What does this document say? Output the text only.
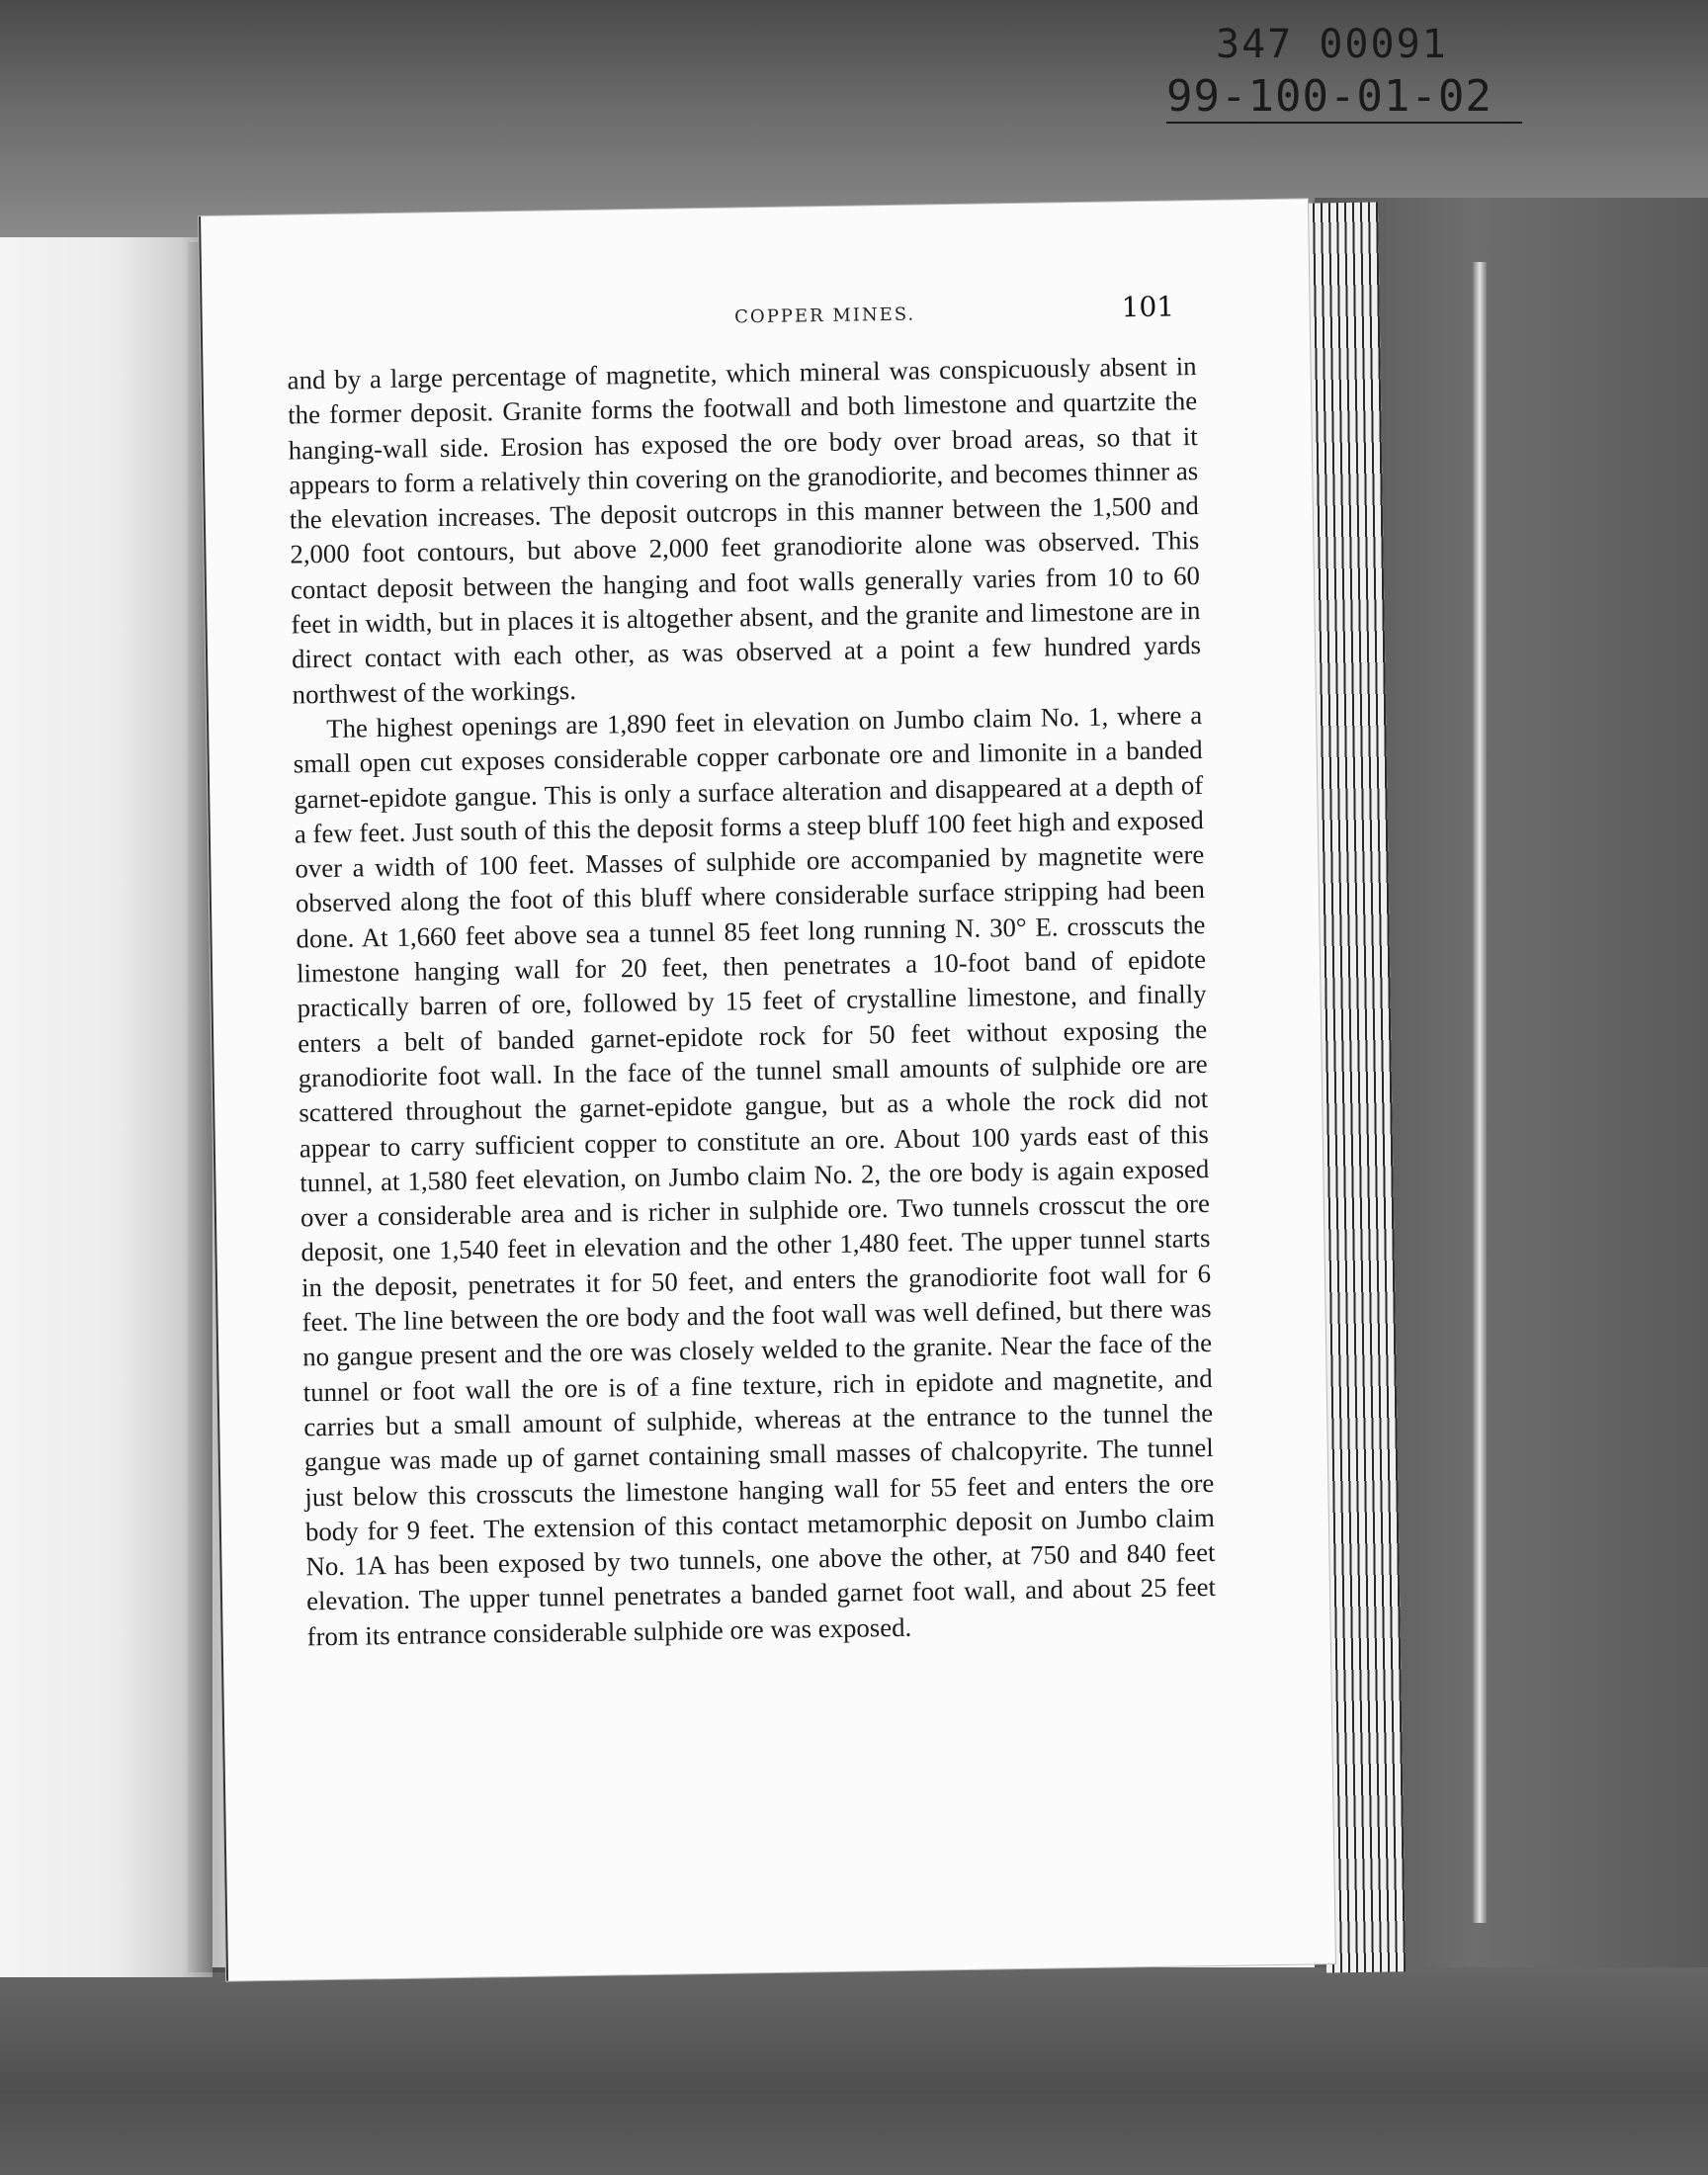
347 00091
99-100-01-02
COPPER MINES.	101

and by a large percentage of magnetite, which mineral was conspicuously absent in the former deposit. Granite forms the footwall and both limestone and quartzite the hanging-wall side. Erosion has exposed the ore body over broad areas, so that it appears to form a relatively thin covering on the granodiorite, and becomes thinner as the elevation increases. The deposit outcrops in this manner between the 1,500 and 2,000 foot contours, but above 2,000 feet granodiorite alone was observed. This contact deposit between the hanging and foot walls generally varies from 10 to 60 feet in width, but in places it is altogether absent, and the granite and limestone are in direct contact with each other, as was observed at a point a few hundred yards northwest of the workings.

The highest openings are 1,890 feet in elevation on Jumbo claim No. 1, where a small open cut exposes considerable copper carbonate ore and limonite in a banded garnet-epidote gangue. This is only a surface alteration and disappeared at a depth of a few feet. Just south of this the deposit forms a steep bluff 100 feet high and exposed over a width of 100 feet. Masses of sulphide ore accompanied by magnetite were observed along the foot of this bluff where considerable surface stripping had been done. At 1,660 feet above sea a tunnel 85 feet long running N. 30° E. crosscuts the limestone hanging wall for 20 feet, then penetrates a 10-foot band of epidote practically barren of ore, followed by 15 feet of crystalline limestone, and finally enters a belt of banded garnet-epidote rock for 50 feet without exposing the granodiorite foot wall. In the face of the tunnel small amounts of sulphide ore are scattered throughout the garnet-epidote gangue, but as a whole the rock did not appear to carry sufficient copper to constitute an ore. About 100 yards east of this tunnel, at 1,580 feet elevation, on Jumbo claim No. 2, the ore body is again exposed over a considerable area and is richer in sulphide ore. Two tunnels crosscut the ore deposit, one 1,540 feet in elevation and the other 1,480 feet. The upper tunnel starts in the deposit, penetrates it for 50 feet, and enters the granodiorite foot wall for 6 feet. The line between the ore body and the foot wall was well defined, but there was no gangue present and the ore was closely welded to the granite. Near the face of the tunnel or foot wall the ore is of a fine texture, rich in epidote and magnetite, and carries but a small amount of sulphide, whereas at the entrance to the tunnel the gangue was made up of garnet containing small masses of chalcopyrite. The tunnel just below this crosscuts the limestone hanging wall for 55 feet and enters the ore body for 9 feet. The extension of this contact metamorphic deposit on Jumbo claim No. 1A has been exposed by two tunnels, one above the other, at 750 and 840 feet elevation. The upper tunnel penetrates a banded garnet foot wall, and about 25 feet from its entrance considerable sulphide ore was exposed.
